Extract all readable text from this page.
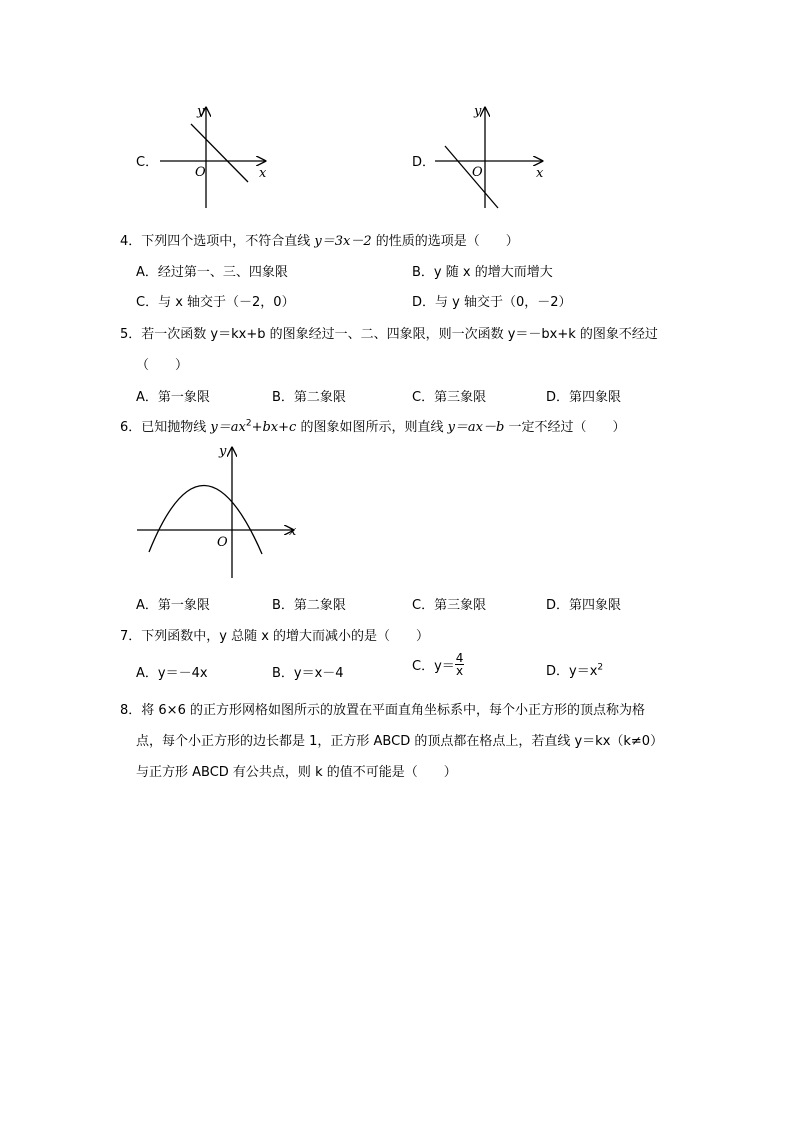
C．
y
x
O
D．
y
x
O
4．下列四个选项中，不符合直线 y＝3x－2 的性质的选项是（　　）
A．经过第一、三、四象限	B．y 随 x 的增大而增大
C．与 x 轴交于（－2，0）	D．与 y 轴交于（0，－2）
5．若一次函数 y＝kx+b 的图象经过一、二、四象限，则一次函数 y＝－bx+k 的图象不经过
（　　）
A．第一象限	B．第二象限	C．第三象限	D．第四象限
6．已知抛物线 $y=ax^2+bx+c$ 的图象如图所示，则直线 y＝ax－b 一定不经过（　　）
y
x
O
A．第一象限	B．第二象限	C．第三象限	D．第四象限
7．下列函数中，y 总随 x 的增大而减小的是（　　）
A．y＝－4x	B．y＝x－4	C．$y= \frac{4}{x}$	D．$y=x^2$
8．将 6×6 的正方形网格如图所示的放置在平面直角坐标系中，每个小正方形的顶点称为格
点，每个小正方形的边长都是 1，正方形 ABCD 的顶点都在格点上，若直线 y＝kx（k≠0）
与正方形 ABCD 有公共点，则 k 的值不可能是（　　）
